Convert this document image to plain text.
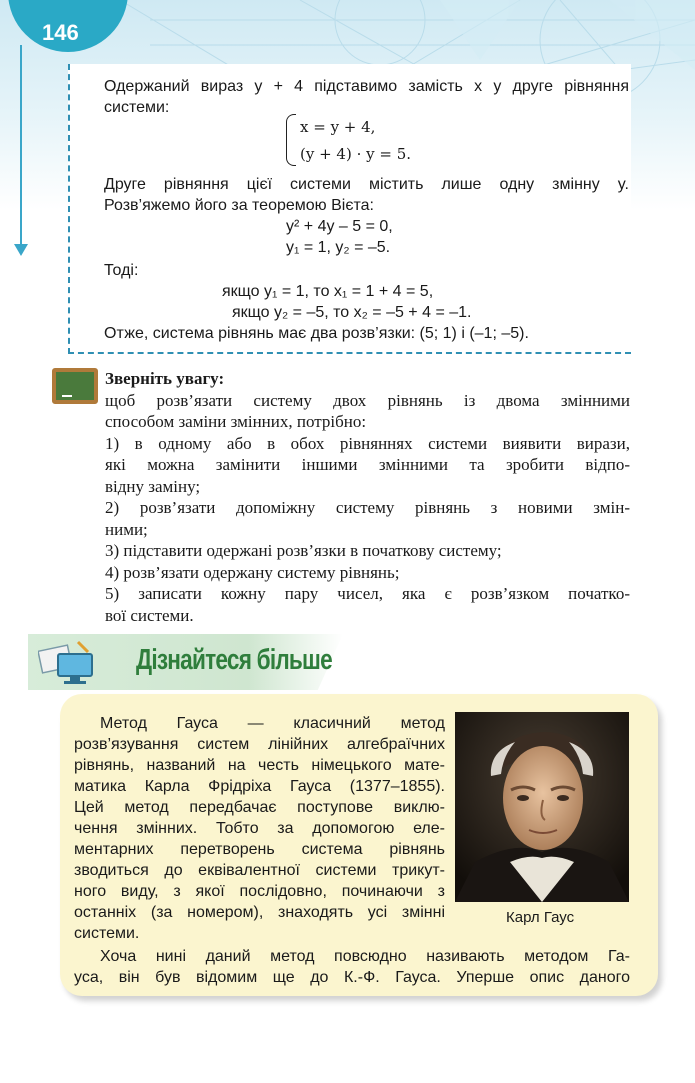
146
Одержаний вираз y + 4 підставимо замість x у друге рівняння
системи:
x = y + 4,
(y + 4) · y = 5.
Друге рівняння цієї системи містить лише одну змінну y.
Розв’яжемо його за теоремою Вієта:
y² + 4y – 5 = 0,
y₁ = 1, y₂ = –5.
Тоді:
якщо y₁ = 1, то x₁ = 1 + 4 = 5,
якщо y₂ = –5, то x₂ = –5 + 4 = –1.
Отже, система рівнянь має два розв’язки: (5; 1) і (–1; –5).
Зверніть увагу:
щоб розв’язати систему двох рівнянь із двома змінними
способом заміни змінних, потрібно:
1) в одному або в обох рівняннях системи виявити вирази,
які можна замінити іншими змінними та зробити відпо-
відну заміну;
2) розв’язати допоміжну систему рівнянь з новими змін-
ними;
3) підставити одержані розв’язки в початкову систему;
4) розв’язати одержану систему рівнянь;
5) записати кожну пару чисел, яка є розв’язком початко-
вої системи.
Дізнайтеся більше
Метод Гауса — класичний метод
розв’язування систем лінійних алгебраїчних
рівнянь, названий на честь німецького мате-
матика Карла Фрідріха Гауса (1377–1855).
Цей метод передбачає поступове виклю-
чення змінних. Тобто за допомогою еле-
ментарних перетворень система рівнянь
зводиться до еквівалентної системи трикут-
ного виду, з якої послідовно, починаючи з
останніх (за номером), знаходять усі змінні
системи.
Хоча нині даний метод повсюдно називають методом Га-
уса, він був відомим ще до К.-Ф. Гауса. Уперше опис даного
Карл Гаус
